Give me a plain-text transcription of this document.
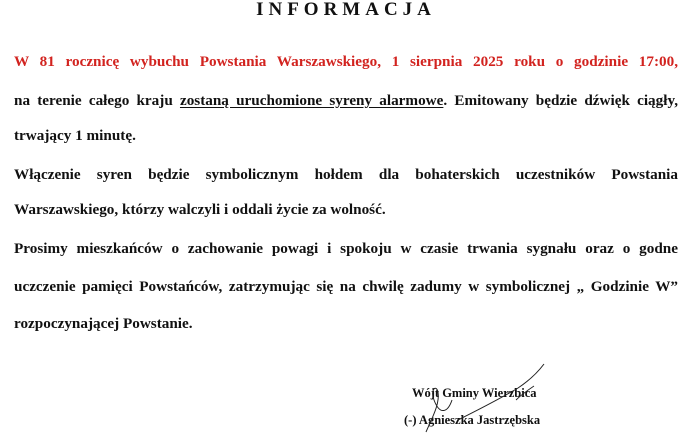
INFORMACJA
W 81 rocznicę wybuchu Powstania Warszawskiego, 1 sierpnia 2025 roku o godzinie 17:00,
na terenie całego kraju zostaną uruchomione syreny alarmowe. Emitowany będzie dźwięk ciągły,
trwający 1 minutę.
Włączenie syren będzie symbolicznym hołdem dla bohaterskich uczestników Powstania
Warszawskiego, którzy walczyli i oddali życie za wolność.
Prosimy mieszkańców o zachowanie powagi i spokoju w czasie trwania sygnału oraz o godne
uczczenie pamięci Powstańców, zatrzymując się na chwilę zadumy w symbolicznej „ Godzinie W”
rozpoczynającej Powstanie.
Wójt Gminy Wierzbica
(-) Agnieszka Jastrzębska
